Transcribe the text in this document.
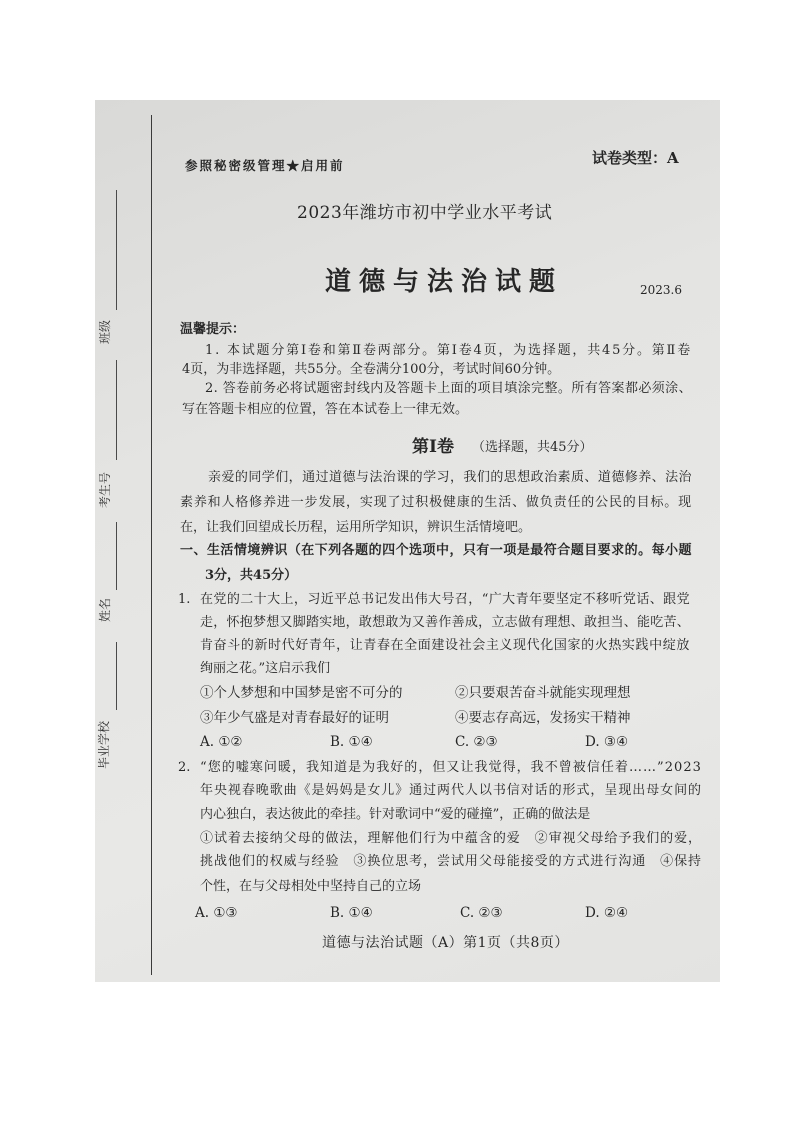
班级
考生号
姓名
毕业学校
参照秘密级管理★启用前	试卷类型：A
2023年潍坊市初中学业水平考试
道德与法治试题	2023.6
温馨提示：
1. 本试题分第Ⅰ卷和第Ⅱ卷两部分。第Ⅰ卷4页，为选择题，共45分。第Ⅱ卷
4页，为非选择题，共55分。全卷满分100分，考试时间60分钟。
2. 答卷前务必将试题密封线内及答题卡上面的项目填涂完整。所有答案都必须涂、
写在答题卡相应的位置，答在本试卷上一律无效。
第Ⅰ卷 （选择题，共45分）
亲爱的同学们，通过道德与法治课的学习，我们的思想政治素质、道德修养、法治
素养和人格修养进一步发展，实现了过积极健康的生活、做负责任的公民的目标。现
在，让我们回望成长历程，运用所学知识，辨识生活情境吧。
一、生活情境辨识（在下列各题的四个选项中，只有一项是最符合题目要求的。每小题
3分，共45分）
1. 在党的二十大上，习近平总书记发出伟大号召，“广大青年要坚定不移听党话、跟党
走，怀抱梦想又脚踏实地，敢想敢为又善作善成，立志做有理想、敢担当、能吃苦、
肯奋斗的新时代好青年，让青春在全面建设社会主义现代化国家的火热实践中绽放
绚丽之花。”这启示我们
①个人梦想和中国梦是密不可分的	②只要艰苦奋斗就能实现理想
③年少气盛是对青春最好的证明	④要志存高远，发扬实干精神
A. ①②	B. ①④	C. ②③	D. ③④
2. “您的嘘寒问暖，我知道是为我好的，但又让我觉得，我不曾被信任着……”2023
年央视春晚歌曲《是妈妈是女儿》通过两代人以书信对话的形式，呈现出母女间的
内心独白，表达彼此的牵挂。针对歌词中“爱的碰撞”，正确的做法是
①试着去接纳父母的做法，理解他们行为中蕴含的爱　②审视父母给予我们的爱，
挑战他们的权威与经验　③换位思考，尝试用父母能接受的方式进行沟通　④保持
个性，在与父母相处中坚持自己的立场
A. ①③	B. ①④	C. ②③	D. ②④
道德与法治试题（A）第1页（共8页）
